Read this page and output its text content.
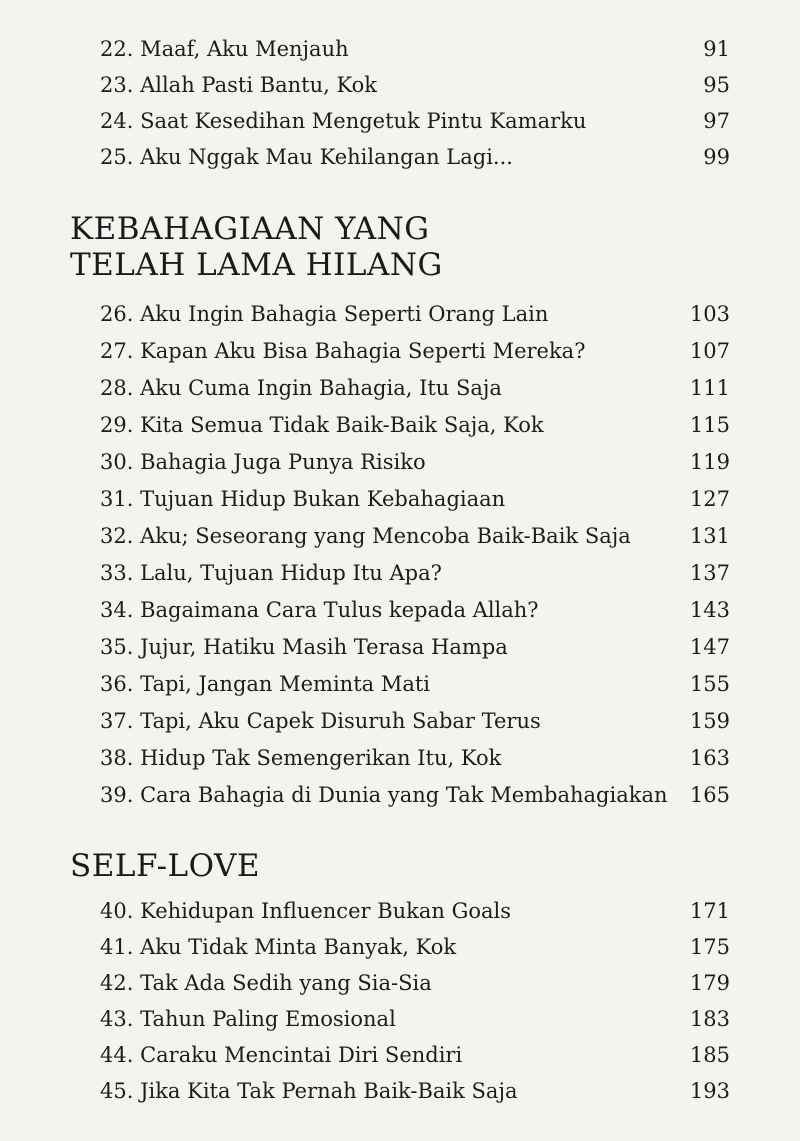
22. Maaf, Aku Menjauh	91
23. Allah Pasti Bantu, Kok	95
24. Saat Kesedihan Mengetuk Pintu Kamarku	97
25. Aku Nggak Mau Kehilangan Lagi...	99
KEBAHAGIAAN YANG
TELAH LAMA HILANG
26. Aku Ingin Bahagia Seperti Orang Lain	103
27. Kapan Aku Bisa Bahagia Seperti Mereka?	107
28. Aku Cuma Ingin Bahagia, Itu Saja	111
29. Kita Semua Tidak Baik-Baik Saja, Kok	115
30. Bahagia Juga Punya Risiko	119
31. Tujuan Hidup Bukan Kebahagiaan	127
32. Aku; Seseorang yang Mencoba Baik-Baik Saja	131
33. Lalu, Tujuan Hidup Itu Apa?	137
34. Bagaimana Cara Tulus kepada Allah?	143
35. Jujur, Hatiku Masih Terasa Hampa	147
36. Tapi, Jangan Meminta Mati	155
37. Tapi, Aku Capek Disuruh Sabar Terus	159
38. Hidup Tak Semengerikan Itu, Kok	163
39. Cara Bahagia di Dunia yang Tak Membahagiakan 165
SELF-LOVE
40. Kehidupan Influencer Bukan Goals	171
41. Aku Tidak Minta Banyak, Kok	175
42. Tak Ada Sedih yang Sia-Sia	179
43. Tahun Paling Emosional	183
44. Caraku Mencintai Diri Sendiri	185
45. Jika Kita Tak Pernah Baik-Baik Saja	193
